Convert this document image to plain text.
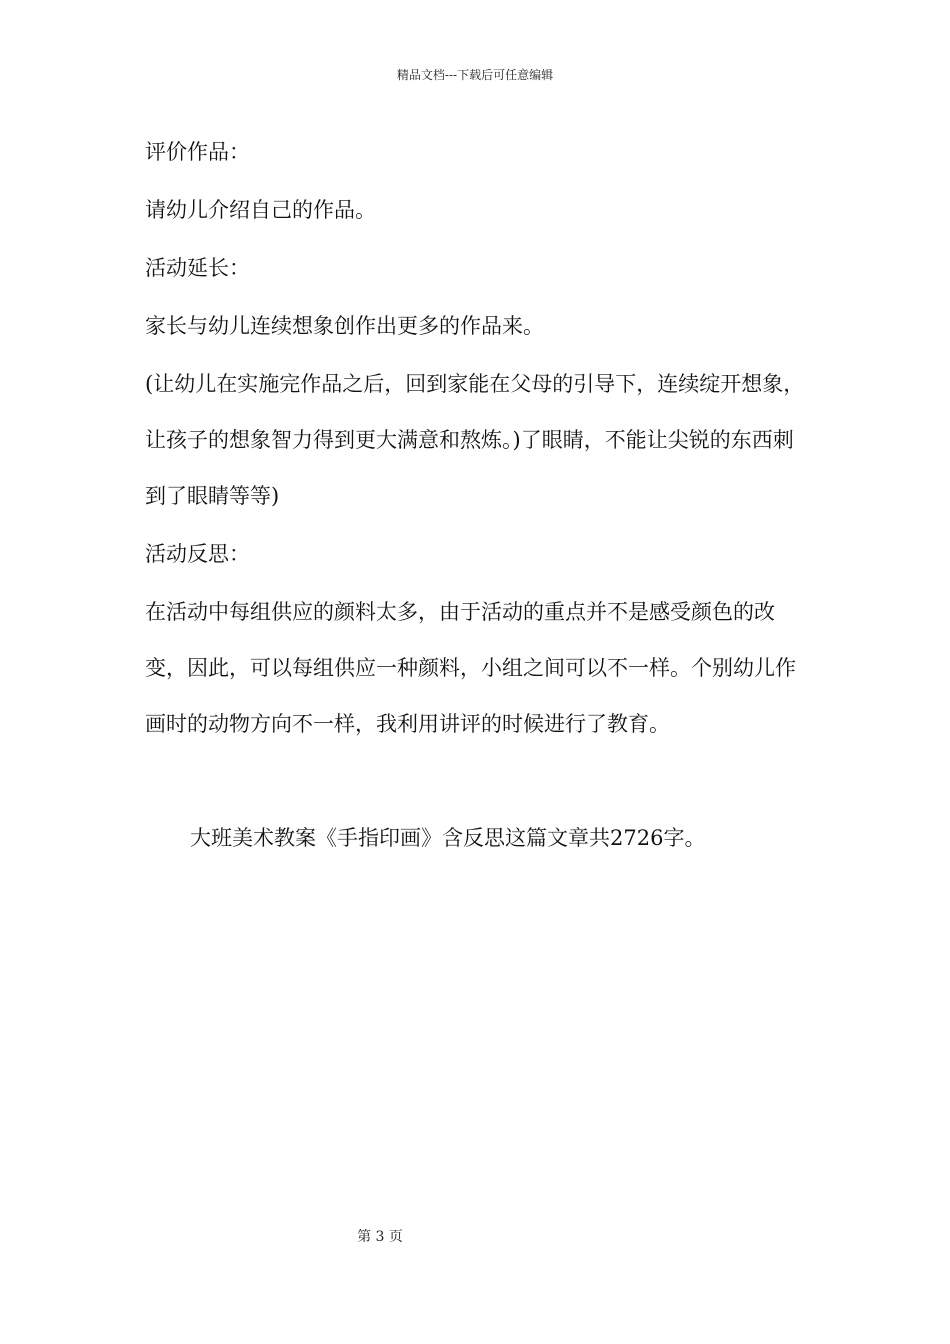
精品文档---下载后可任意编辑

评价作品：

请幼儿介绍自己的作品。

活动延长：

家长与幼儿连续想象创作出更多的作品来。

(让幼儿在实施完作品之后，回到家能在父母的引导下，连续绽开想象，让孩子的想象智力得到更大满意和熬炼。)了眼睛，不能让尖锐的东西刺到了眼睛等等)

活动反思：

在活动中每组供应的颜料太多，由于活动的重点并不是感受颜色的改变，因此，可以每组供应一种颜料，小组之间可以不一样。个别幼儿作画时的动物方向不一样，我利用讲评的时候进行了教育。

大班美术教案《手指印画》含反思这篇文章共2726字。
第 3 页
